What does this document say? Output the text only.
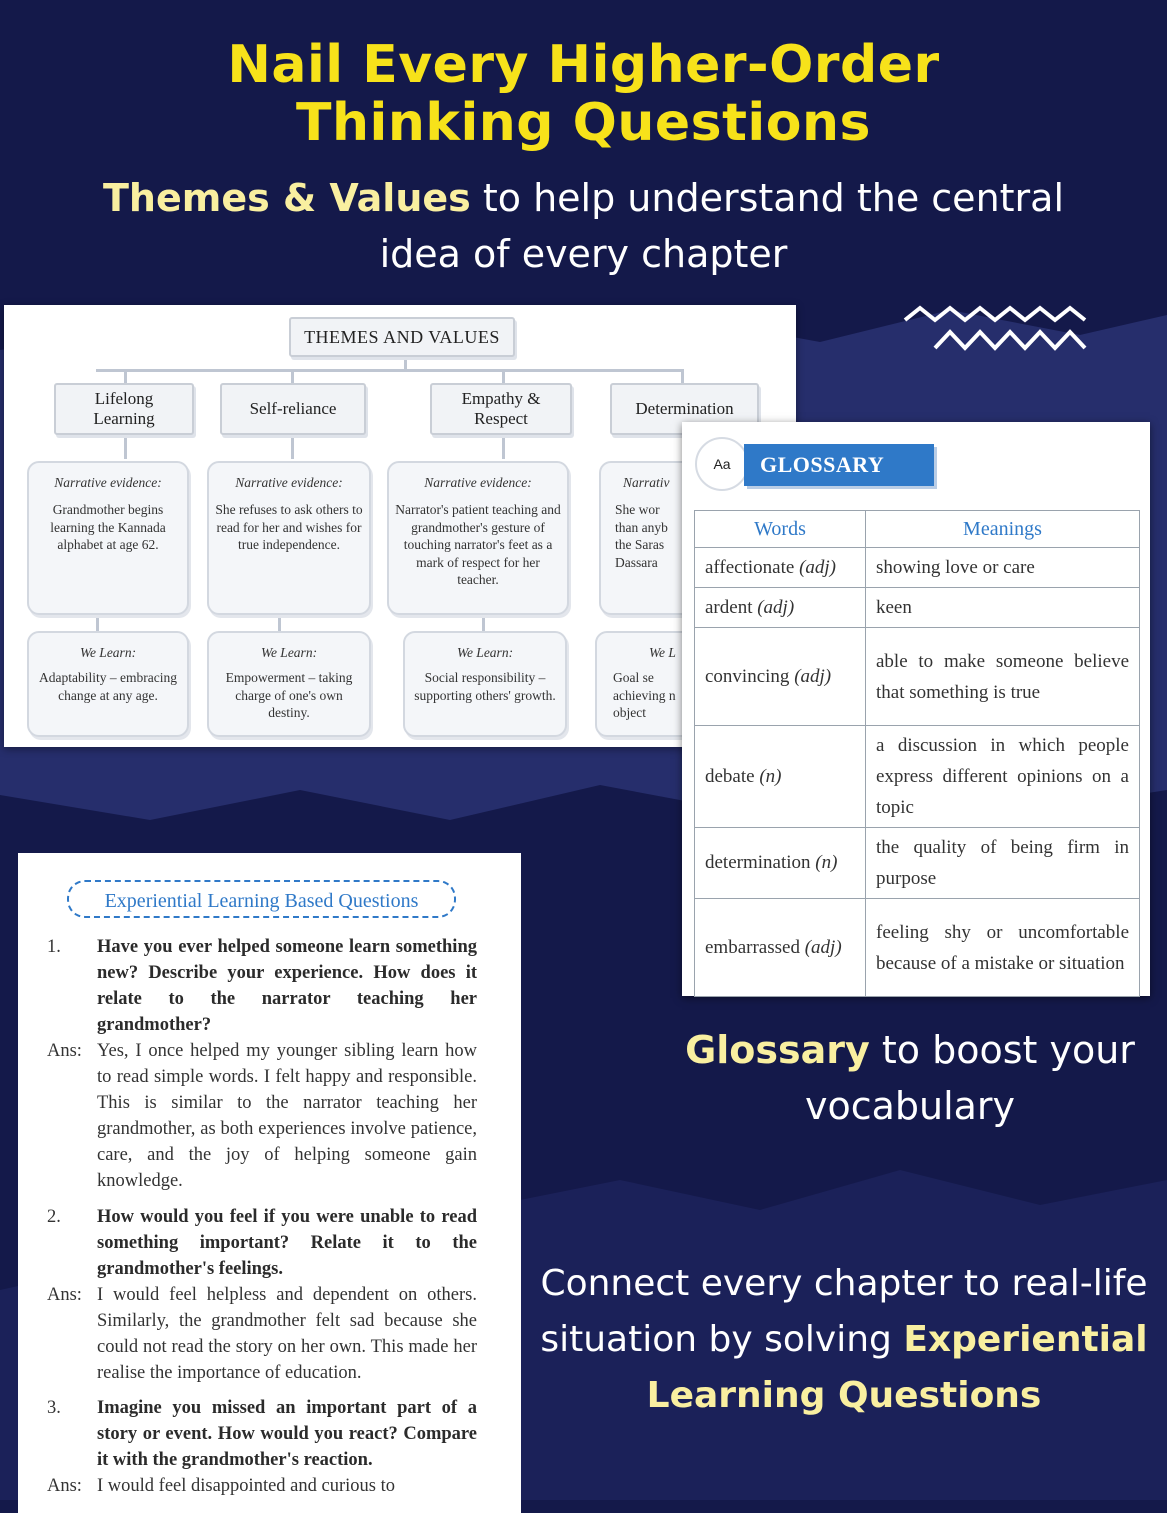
Nail Every Higher-Order Thinking Questions
Themes & Values to help understand the central idea of every chapter
THEMES AND VALUES
Lifelong Learning
Self-reliance
Empathy & Respect
Determination
Narrative evidence:
Grandmother begins learning the Kannada alphabet at age 62.
Narrative evidence:
She refuses to ask others to read for her and wishes for true independence.
Narrative evidence:
Narrator's patient teaching and grandmother's gesture of touching narrator's feet as a mark of respect for her teacher.
Narrativ
She wor than anyb the Saras Dassara
We Learn:
Adaptability – embracing change at any age.
We Learn:
Empowerment – taking charge of one's own destiny.
We Learn:
Social responsibility – supporting others' growth.
We L
Goal se achieving n object
Aa	GLOSSARY
Words	Meanings
affectionate (adj)	showing love or care
ardent (adj)	keen
convincing (adj)	able to make someone believe that something is true
debate (n)	a discussion in which people express different opinions on a topic
determination (n)	the quality of being firm in purpose
embarrassed (adj)	feeling shy or uncomfortable because of a mistake or situation
Glossary to boost your vocabulary
Experiential Learning Based Questions
1.	Have you ever helped someone learn something new? Describe your experience. How does it relate to the narrator teaching her grandmother?
Ans: Yes, I once helped my younger sibling learn how to read simple words. I felt happy and responsible. This is similar to the narrator teaching her grandmother, as both experiences involve patience, care, and the joy of helping someone gain knowledge.
2.	How would you feel if you were unable to read something important? Relate it to the grandmother's feelings.
Ans: I would feel helpless and dependent on others. Similarly, the grandmother felt sad because she could not read the story on her own. This made her realise the importance of education.
3.	Imagine you missed an important part of a story or event. How would you react? Compare it with the grandmother's reaction.
Ans: I would feel disappointed and curious to
Connect every chapter to real-life situation by solving Experiential Learning Questions
